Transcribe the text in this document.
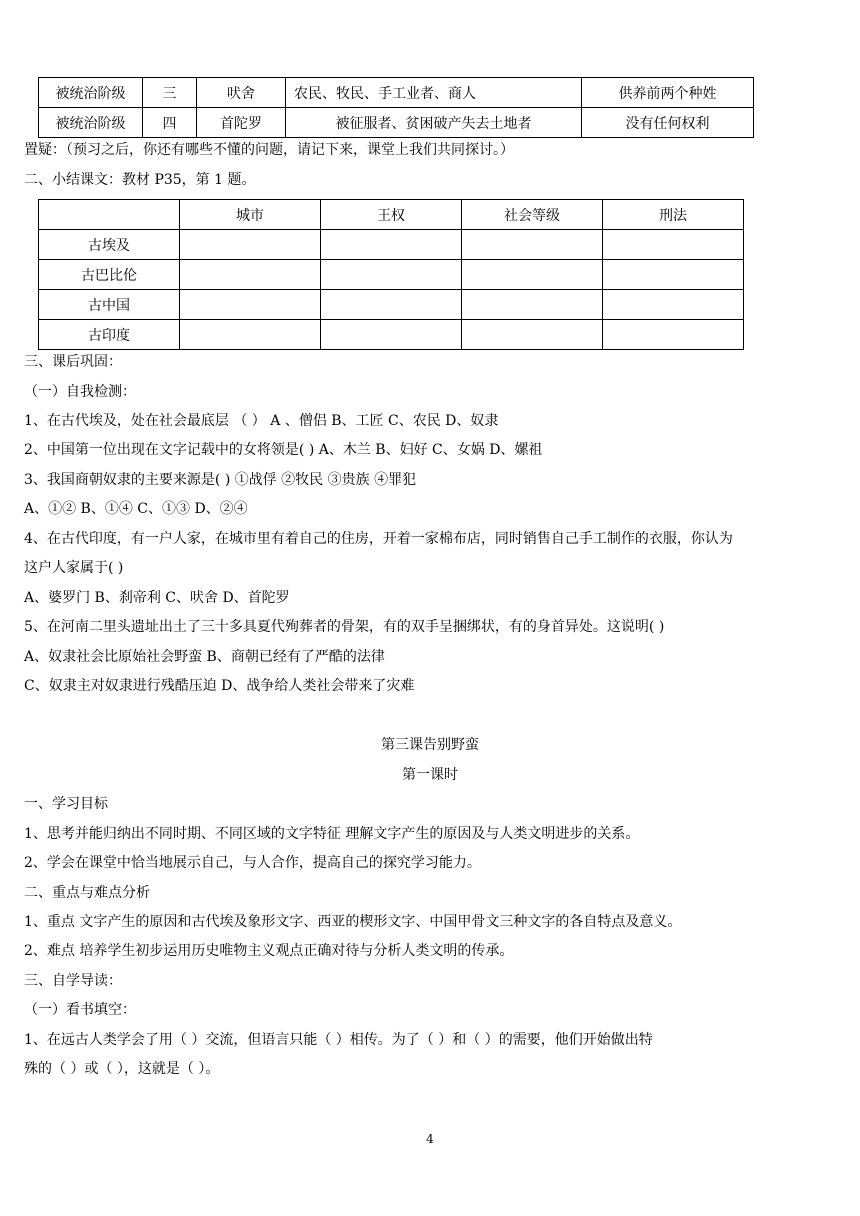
被统治阶级	三	吠舍	农民、牧民、手工业者、商人	供养前两个种姓
被统治阶级	四	首陀罗	被征服者、贫困破产失去土地者	没有任何权利
置疑：（预习之后，你还有哪些不懂的问题，请记下来，课堂上我们共同探讨。）
二、小结课文：教材 P35，第 1 题。
	城市	王权	社会等级	刑法
古埃及				
古巴比伦				
古中国				
古印度				
三、课后巩固：
（一）自我检测：
1、在古代埃及，处在社会最底层 （ ） A 、僧侣 B、工匠 C、农民 D、奴隶
2、中国第一位出现在文字记载中的女将领是( ) A、木兰 B、妇好 C、女娲 D、嫘祖
3、我国商朝奴隶的主要来源是( ) ①战俘 ②牧民 ③贵族 ④罪犯
A、①② B、①④ C、①③ D、②④
4、在古代印度，有一户人家，在城市里有着自己的住房，开着一家棉布店，同时销售自己手工制作的衣服，你认为
这户人家属于( )
A、婆罗门 B、刹帝利 C、吠舍 D、首陀罗
5、在河南二里头遗址出土了三十多具夏代殉葬者的骨架，有的双手呈捆绑状，有的身首异处。这说明( )
A、奴隶社会比原始社会野蛮 B、商朝已经有了严酷的法律
C、奴隶主对奴隶进行残酷压迫 D、战争给人类社会带来了灾难
第三课告别野蛮
第一课时
一、学习目标
1、思考并能归纳出不同时期、不同区域的文字特征 理解文字产生的原因及与人类文明进步的关系。
2、学会在课堂中恰当地展示自己，与人合作，提高自己的探究学习能力。
二、重点与难点分析
1、重点 文字产生的原因和古代埃及象形文字、西亚的楔形文字、中国甲骨文三种文字的各自特点及意义。
2、难点 培养学生初步运用历史唯物主义观点正确对待与分析人类文明的传承。
三、自学导读：
（一）看书填空：
1、在远古人类学会了用（ ）交流，但语言只能（ ）相传。为了（ ）和（ ）的需要，他们开始做出特
殊的（ ）或（ ），这就是（ ）。
4
